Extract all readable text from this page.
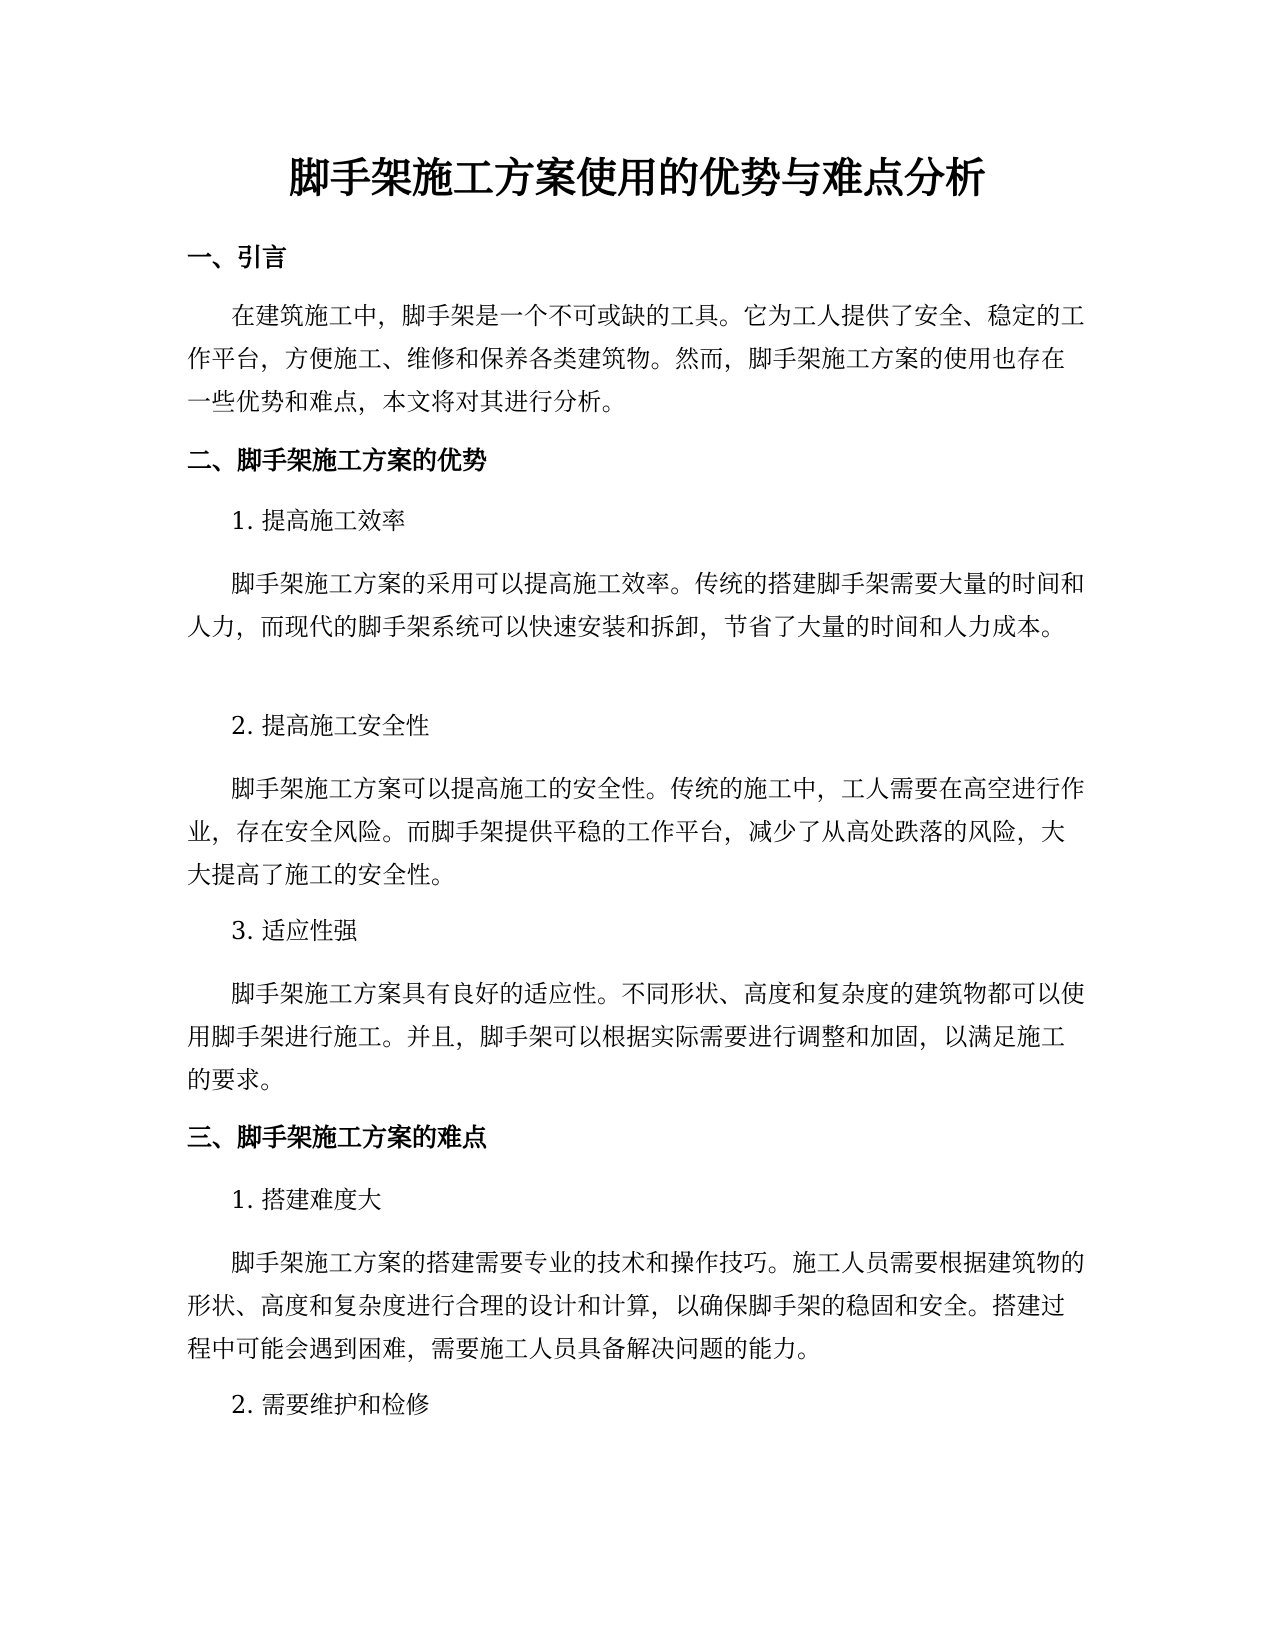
脚手架施工方案使用的优势与难点分析
一、引言

在建筑施工中，脚手架是一个不可或缺的工具。它为工人提供了安全、稳定的工作平台，方便施工、维修和保养各类建筑物。然而，脚手架施工方案的使用也存在一些优势和难点，本文将对其进行分析。

二、脚手架施工方案的优势
1. 提高施工效率

脚手架施工方案的采用可以提高施工效率。传统的搭建脚手架需要大量的时间和人力，而现代的脚手架系统可以快速安装和拆卸，节省了大量的时间和人力成本。

2. 提高施工安全性

脚手架施工方案可以提高施工的安全性。传统的施工中，工人需要在高空进行作业，存在安全风险。而脚手架提供平稳的工作平台，减少了从高处跌落的风险，大大提高了施工的安全性。

3. 适应性强

脚手架施工方案具有良好的适应性。不同形状、高度和复杂度的建筑物都可以使用脚手架进行施工。并且，脚手架可以根据实际需要进行调整和加固，以满足施工的要求。

三、脚手架施工方案的难点
1. 搭建难度大

脚手架施工方案的搭建需要专业的技术和操作技巧。施工人员需要根据建筑物的形状、高度和复杂度进行合理的设计和计算，以确保脚手架的稳固和安全。搭建过程中可能会遇到困难，需要施工人员具备解决问题的能力。

2. 需要维护和检修
